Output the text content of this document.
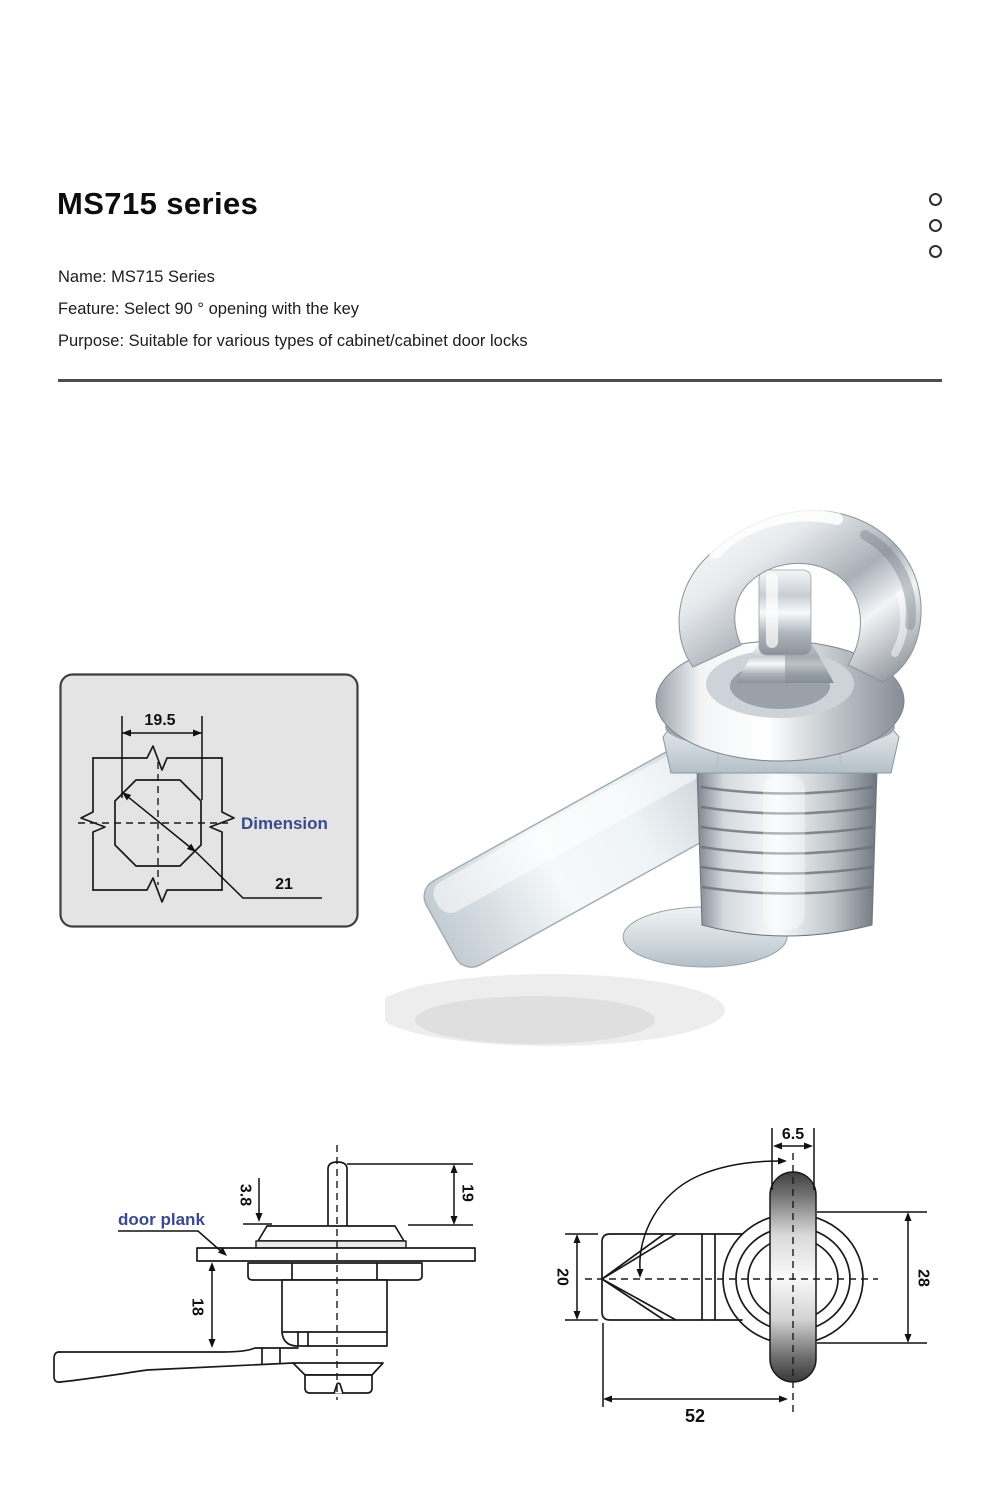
MS715 series
Name: MS715 Series
Feature: Select 90 ° opening with the key
Purpose: Suitable for various types of cabinet/cabinet door locks
19.5
21
Dimension
3.8	19
18
door plank
6.5
20	28
52
